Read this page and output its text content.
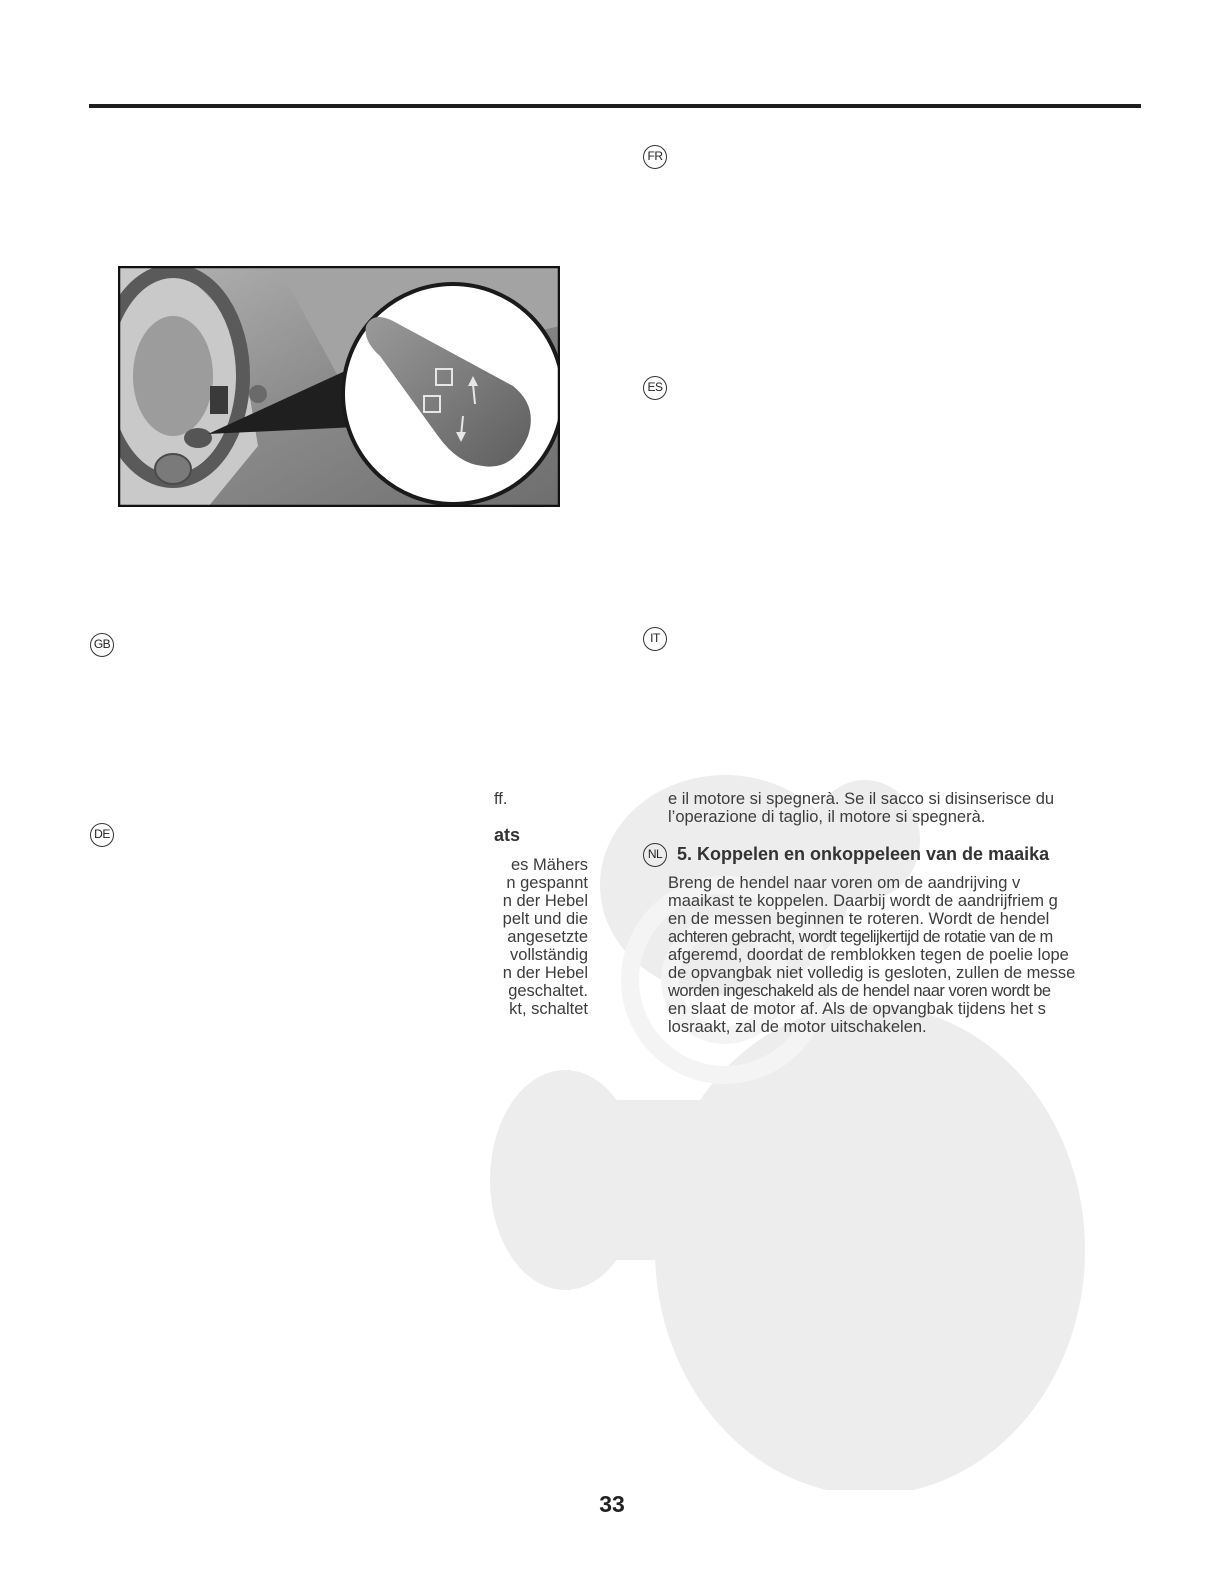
FR
ES
GB	IT
DE
NL
ff.
ats
es Mähers
n gespannt
n der Hebel
pelt und die
angesetzte
vollständig
n der Hebel
geschaltet.
kt, schaltet
e il motore si spegnerà. Se il sacco si disinserisce du
l’operazione di taglio, il motore si spegnerà.
5. Koppelen en onkoppeleen van de maaika
Breng de hendel naar voren om de aandrijving v
maaikast te koppelen. Daarbij wordt de aandrijfriem g
en de messen beginnen te roteren. Wordt de hendel
achteren gebracht, wordt tegelijkertijd de rotatie van de m
afgeremd, doordat de remblokken tegen de poelie lope
de opvangbak niet volledig is gesloten, zullen de messe
worden ingeschakeld als de hendel naar voren wordt be
en slaat de motor af. Als de opvangbak tijdens het s
losraakt, zal de motor uitschakelen.
33
